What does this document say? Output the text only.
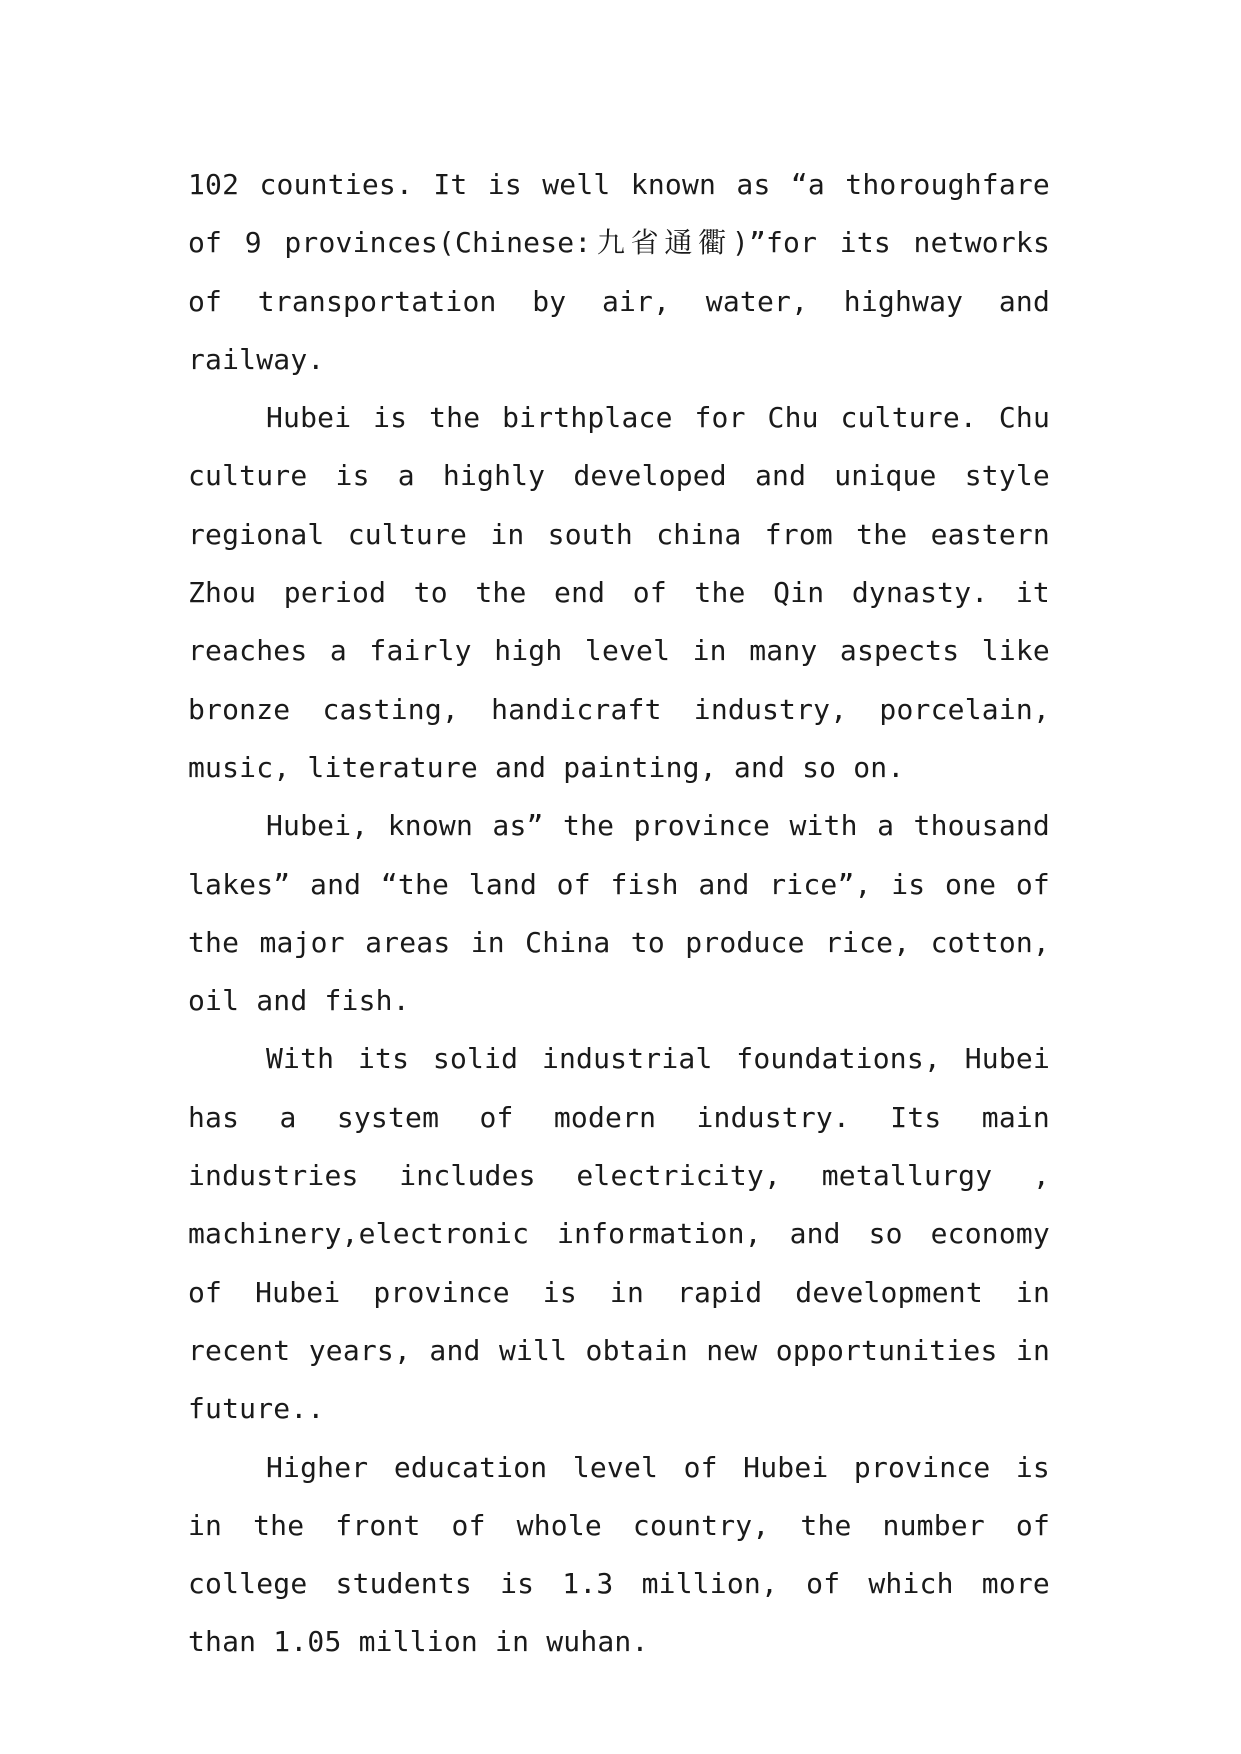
102 counties. It is well known as “a thoroughfare of 9 provinces(Chinese:九省通衢)”for its networks of transportation by air, water, highway and railway.

Hubei is the birthplace for Chu culture. Chu culture is a highly developed and unique style regional culture in south china from the eastern Zhou period to the end of the Qin dynasty. it reaches a fairly high level in many aspects like bronze casting, handicraft industry, porcelain, music, literature and painting, and so on.

Hubei, known as” the province with a thousand lakes” and “the land of fish and rice”, is one of the major areas in China to produce rice, cotton, oil and fish.

With its solid industrial foundations, Hubei has a system of modern industry. Its main industries includes electricity, metallurgy , machinery,electronic information, and so economy of Hubei province is in rapid development in recent years, and will obtain new opportunities in future..

Higher education level of Hubei province is in the front of whole country, the number of college students is 1.3 million, of which more than 1.05 million in wuhan.
